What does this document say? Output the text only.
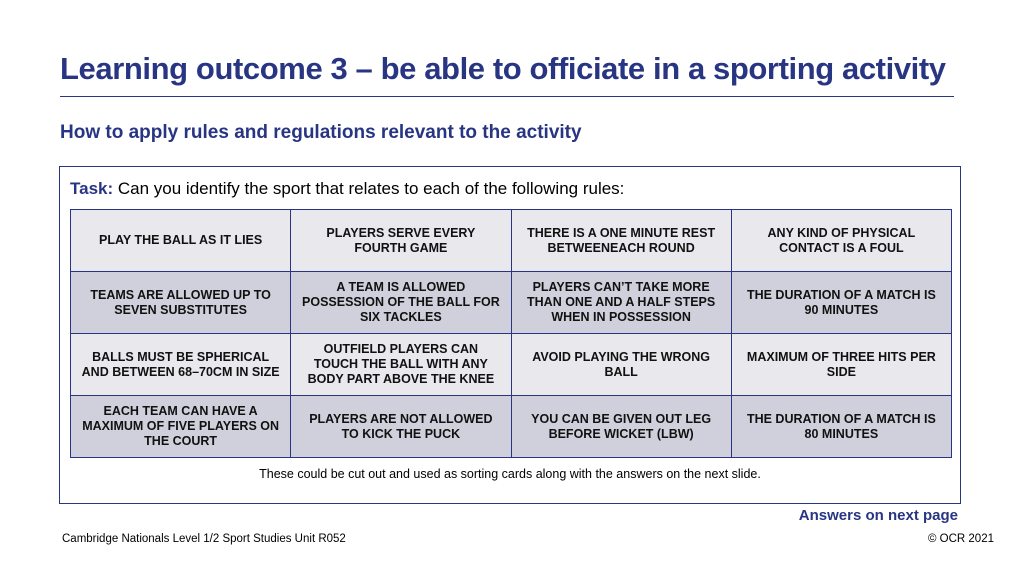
Learning outcome 3 – be able to officiate in a sporting activity
How to apply rules and regulations relevant to the activity
Task: Can you identify the sport that relates to each of the following rules:
PLAY THE BALL AS IT LIES	PLAYERS SERVE EVERY FOURTH GAME	THERE IS A ONE MINUTE REST BETWEENEACH ROUND	ANY KIND OF PHYSICAL CONTACT IS A FOUL
TEAMS ARE ALLOWED UP TO SEVEN SUBSTITUTES	A TEAM IS ALLOWED POSSESSION OF THE BALL FOR SIX TACKLES	PLAYERS CAN’T TAKE MORE THAN ONE AND A HALF STEPS WHEN IN POSSESSION	THE DURATION OF A MATCH IS 90 MINUTES
BALLS MUST BE SPHERICAL AND BETWEEN 68–70CM IN SIZE	OUTFIELD PLAYERS CAN TOUCH THE BALL WITH ANY BODY PART ABOVE THE KNEE	AVOID PLAYING THE WRONG BALL	MAXIMUM OF THREE HITS PER SIDE
EACH TEAM CAN HAVE A MAXIMUM OF FIVE PLAYERS ON THE COURT	PLAYERS ARE NOT ALLOWED TO KICK THE PUCK	YOU CAN BE GIVEN OUT LEG BEFORE WICKET (LBW)	THE DURATION OF A MATCH IS 80 MINUTES
These could be cut out and used as sorting cards along with the answers on the next slide.
Answers on next page
Cambridge Nationals Level 1/2 Sport Studies Unit R052	© OCR 2021
